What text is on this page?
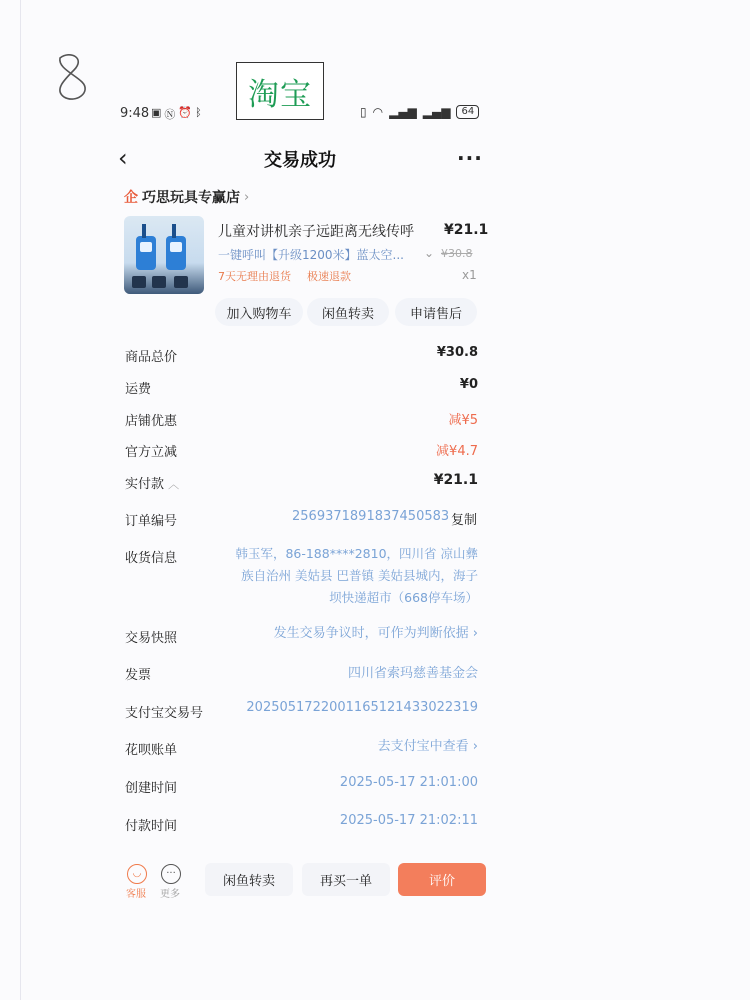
淘宝
9:48 ▣ Ⓝ ⏰ ᛒ	▯ ◠ ▂▄▆ ▂▄▆	64
‹	交易成功	···
企 巧思玩具专赢店 ›
儿童对讲机亲子远距离无线传呼 ¥21.1
一键呼叫【升级1200米】蓝太空... ⌄ ¥30.8
7天无理由退货 极速退款	x1
加入购物车	闲鱼转卖	申请售后
商品总价	¥30.8
运费	¥0
店铺优惠	减¥5
官方立减	减¥4.7
实付款 ︿	¥21.1
订单编号	2569371891837450583 复制
收货信息	韩玉军，86-188****2810，四川省 凉山彝族自治州 美姑县 巴普镇 美姑县城内，海子坝快递超市（668停车场）
交易快照	发生交易争议时，可作为判断依据 ›
发票	四川省索玛慈善基金会
支付宝交易号	2025051722001165121433022319
花呗账单	去支付宝中查看 ›
创建时间	2025-05-17 21:01:00
付款时间	2025-05-17 21:02:11
◡
客服
···
更多
闲鱼转卖	再买一单	评价
